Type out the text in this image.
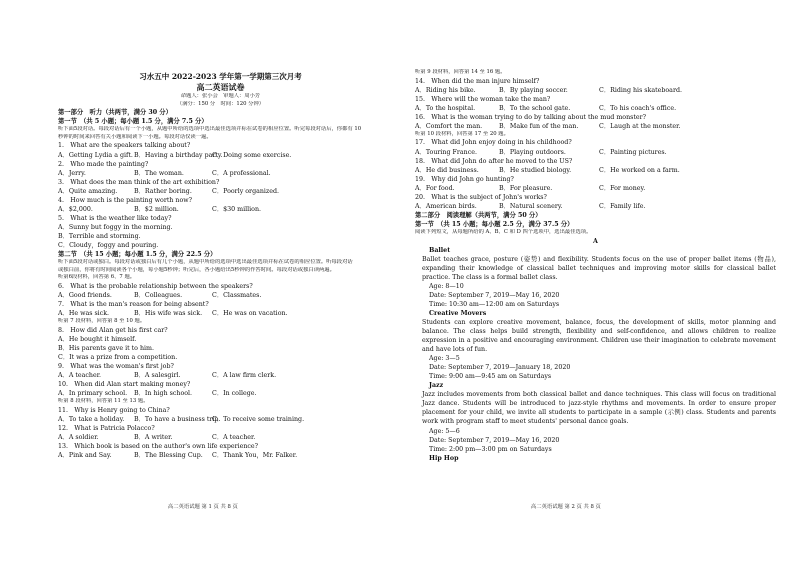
习水五中 2022-2023 学年第一学期第三次月考
高二英语试卷
命题人：张小会　审题人：周小芳
（满分：150 分　时间：120 分钟）
第一部分　听力（共两节，满分 30 分）
第一节　（共 5 小题；每小题 1.5 分，满分 7.5 分）
听下面5段对话。每段对话后有一个小题，从题中所给的选项中选出最佳选项并标在试卷的相应位置。听完每段对话后，你都有 10
秒钟的时间来回答有关小题和阅读下一小题。每段对话仅读一遍。
1.　What are the speakers talking about?
A．Getting Lydia a gift. B．Having a birthday party.
C．Doing some exercise.
2.　Who made the painting?
A．Jerry.	B．The woman.	C．A professional.
3.　What does the man think of the art exhibition?
A．Quite amazing.	B．Rather boring.	C．Poorly organized.
4.　How much is the painting worth now?
A．$2,000.	B．$2 million.	C．$30 million.
5.　What is the weather like today?
A．Sunny but foggy in the morning.
B．Terrible and storming.
C．Cloudy，foggy and pouring.
第二节　（共 15 小题；每小题 1.5 分，满分 22.5 分）
听下面5段对话或独白。每段对话或独白后有几个小题，从题中所给的选项中选出最佳选项并标在试卷的相应位置。听每段对话
或独白前，你将有时间阅读各个小题，每小题5秒钟；听完后，各小题给出5秒钟的作答时间。每段对话或独白读两遍。
听第6段材料，回答第 6、7 题。
6.　What is the probable relationship between the speakers?
A．Good friends.	B．Colleagues.	C．Classmates.
7.　What is the man's reason for being absent?
A．He was sick.	B．His wife was sick.	C．He was on vacation.
听第 7 段材料，回答第 8 至 10 题。
8.　How did Alan get his first car?
A．He bought it himself.
B．His parents gave it to him.
C．It was a prize from a competition.
9.　What was the woman's first job?
A．A teacher.	B．A salesgirl.	C．A law firm clerk.
10.　When did Alan start making money?
A．In primary school.	B．In high school.	C．In college.
听第 8 段材料，回答第 11 至 13 题。
11.　Why is Henry going to China?
A．To take a holiday.	B．To have a business trip.
C．To receive some training.
12.　What is Patricia Polacco?
A．A soldier.	B．A writer.	C．A teacher.
13.　Which book is based on the author's own life experience?
A．Pink and Say.	B．The Blessing Cup.	C．Thank You，Mr. Falker.
高二英语试题 第 1 页 共 8 页
听第 9 段材料，回答第 14 至 16 题。
14.　When did the man injure himself?
A．Riding his bike.	B．By playing soccer.	C．Riding his skateboard.
15.　Where will the woman take the man?
A．To the hospital.	B．To the school gate.	C．To his coach's office.
16.　What is the woman trying to do by talking about the mud monster?
A．Comfort the man.	B．Make fun of the man.	C．Laugh at the monster.
听第 10 段材料，回答第 17 至 20 题。
17.　What did John enjoy doing in his childhood?
A．Touring France.	B．Playing outdoors.	C．Painting pictures.
18.　What did John do after he moved to the US?
A．He did business.	B．He studied biology.	C．He worked on a farm.
19.　Why did John go hunting?
A．For food.	B．For pleasure.	C．For money.
20.　What is the subject of John's works?
A．American birds.	B．Natural scenery.	C．Family life.
第二部分　阅读理解（共两节，满分 50 分）
第一节　（共 15 小题；每小题 2.5 分，满分 37.5 分）
阅读下列短文，从每题所给的 A、B、C 和 D 四个选项中，选出最佳选项。
A
Ballet
Ballet teaches grace, posture (姿势) and flexibility. Students focus on the use of proper ballet items (物品), expanding their knowledge of classical ballet techniques and improving motor skills for classical ballet practice. The class is a formal ballet class.
Age: 8—10
Date: September 7, 2019—May 16, 2020
Time: 10:30 am—12:00 am on Saturdays
Creative Movers
Students can explore creative movement, balance, focus, the development of skills, motor planning and balance. The class helps build strength, flexibility and self-confidence, and allows children to realize expression in a positive and encouraging environment. Children use their imagination to celebrate movement and have lots of fun.
Age: 3—5
Date: September 7, 2019—January 18, 2020
Time: 9:00 am—9:45 am on Saturdays
Jazz
Jazz includes movements from both classical ballet and dance techniques. This class will focus on traditional Jazz dance. Students will be introduced to jazz-style rhythms and movements. In order to ensure proper placement for your child, we invite all students to participate in a sample (示例) class. Students and parents work with program staff to meet students' personal dance goals.
Age: 5—6
Date: September 7, 2019—May 16, 2020
Time: 2:00 pm—3:00 pm on Saturdays
Hip Hop
高二英语试题 第 2 页 共 8 页
